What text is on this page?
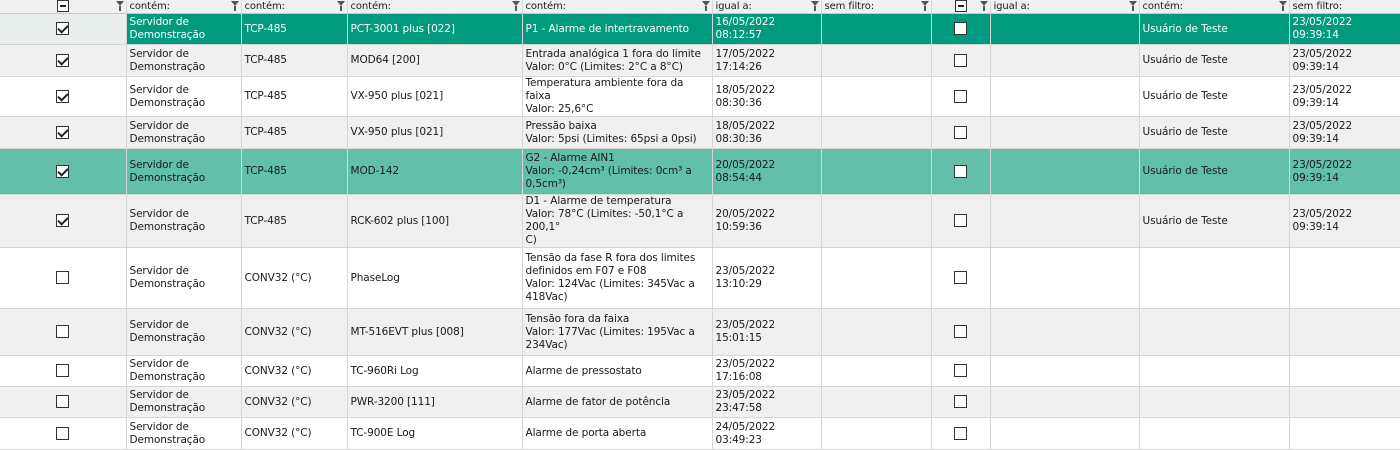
	contém:	contém:	contém:	contém:	igual a:	sem filtro:		igual a:	contém:	sem filtro:
	Servidor de
Demonstração	TCP-485	PCT-3001 plus [022]	P1 - Alarme de intertravamento	16/05/2022 08:12:57				Usuário de Teste	23/05/2022 09:39:14
	Servidor de
Demonstração	TCP-485	MOD64 [200]	Entrada analógica 1 fora do limite
Valor: 0°C (Limites: 2°C a 8°C)	17/05/2022 17:14:26				Usuário de Teste	23/05/2022 09:39:14
	Servidor de
Demonstração	TCP-485	VX-950 plus [021]	Temperatura ambiente fora da faixa
Valor: 25,6°C	18/05/2022 08:30:36				Usuário de Teste	23/05/2022 09:39:14
	Servidor de
Demonstração	TCP-485	VX-950 plus [021]	Pressão baixa
Valor: 5psi (Limites: 65psi a 0psi)	18/05/2022 08:30:36				Usuário de Teste	23/05/2022 09:39:14
	Servidor de
Demonstração	TCP-485	MOD-142	G2 - Alarme AIN1
Valor: -0,24cm³ (Limites: 0cm³ a
0,5cm³)	20/05/2022 08:54:44				Usuário de Teste	23/05/2022 09:39:14
	Servidor de
Demonstração	TCP-485	RCK-602 plus [100]	D1 - Alarme de temperatura
Valor: 78°C (Limites: -50,1°C a 200,1°
C)	20/05/2022 10:59:36				Usuário de Teste	23/05/2022 09:39:14
	Servidor de
Demonstração	CONV32 (°C)	PhaseLog	Tensão da fase R fora dos limites
definidos em F07 e F08
Valor: 124Vac (Limites: 345Vac a
418Vac)	23/05/2022 13:10:29					
	Servidor de
Demonstração	CONV32 (°C)	MT-516EVT plus [008]	Tensão fora da faixa
Valor: 177Vac (Limites: 195Vac a
234Vac)	23/05/2022 15:01:15					
	Servidor de
Demonstração	CONV32 (°C)	TC-960Ri Log	Alarme de pressostato	23/05/2022 17:16:08					
	Servidor de
Demonstração	CONV32 (°C)	PWR-3200 [111]	Alarme de fator de potência	23/05/2022 23:47:58					
	Servidor de
Demonstração	CONV32 (°C)	TC-900E Log	Alarme de porta aberta	24/05/2022 03:49:23					
